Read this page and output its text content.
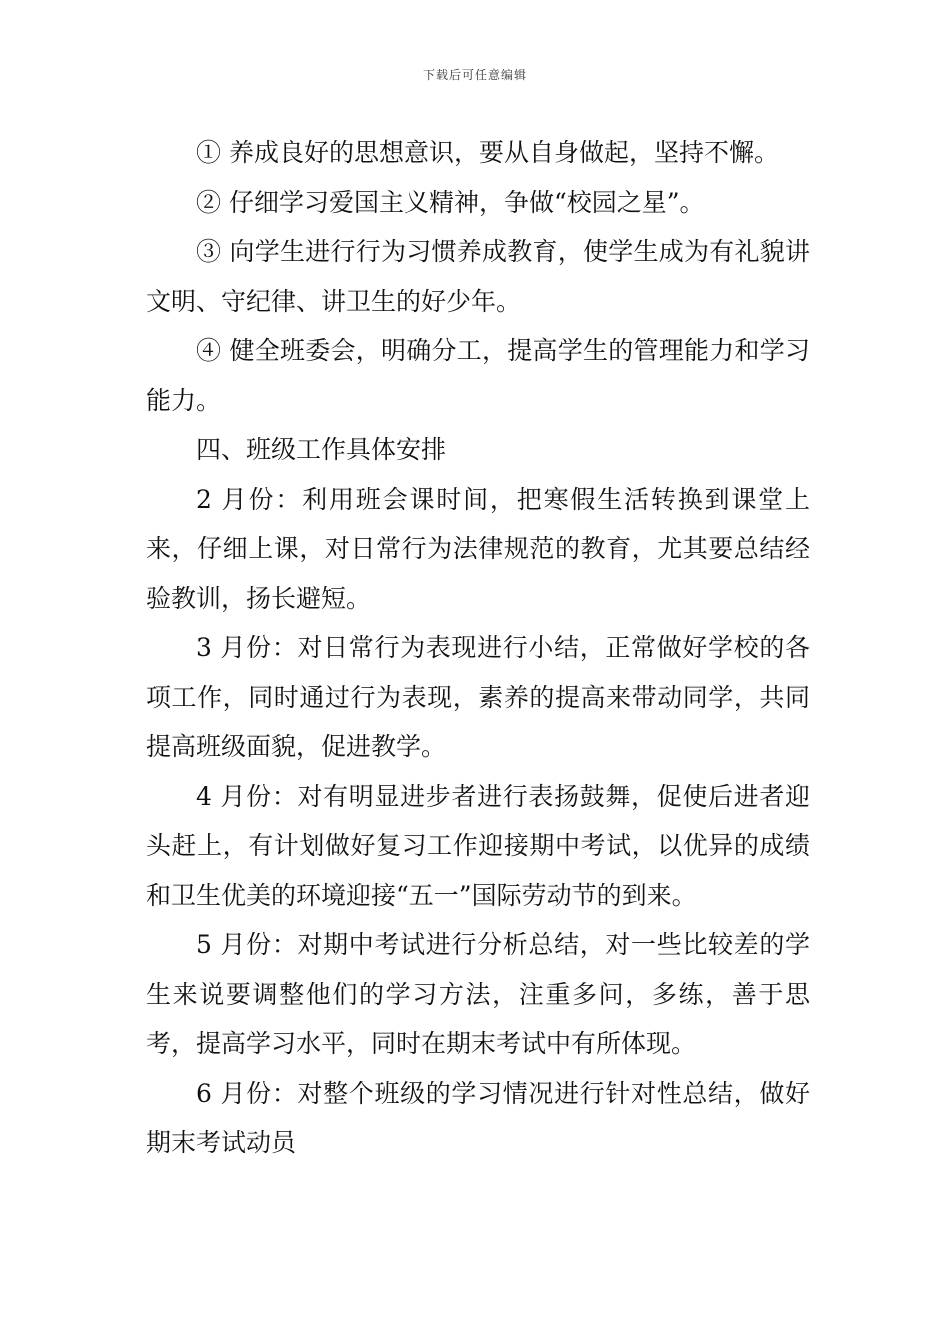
下载后可任意编辑

① 养成良好的思想意识，要从自身做起，坚持不懈。

② 仔细学习爱国主义精神，争做“校园之星”。

③ 向学生进行行为习惯养成教育，使学生成为有礼貌讲文明、守纪律、讲卫生的好少年。

④ 健全班委会，明确分工，提高学生的管理能力和学习能力。

四、班级工作具体安排

2 月份：利用班会课时间，把寒假生活转换到课堂上来，仔细上课，对日常行为法律规范的教育，尤其要总结经验教训，扬长避短。

3 月份：对日常行为表现进行小结，正常做好学校的各项工作，同时通过行为表现，素养的提高来带动同学，共同提高班级面貌，促进教学。

4 月份：对有明显进步者进行表扬鼓舞，促使后进者迎头赶上，有计划做好复习工作迎接期中考试，以优异的成绩和卫生优美的环境迎接“五一”国际劳动节的到来。

5 月份：对期中考试进行分析总结，对一些比较差的学生来说要调整他们的学习方法，注重多问，多练，善于思考，提高学习水平，同时在期末考试中有所体现。

6 月份：对整个班级的学习情况进行针对性总结，做好期末考试动员
